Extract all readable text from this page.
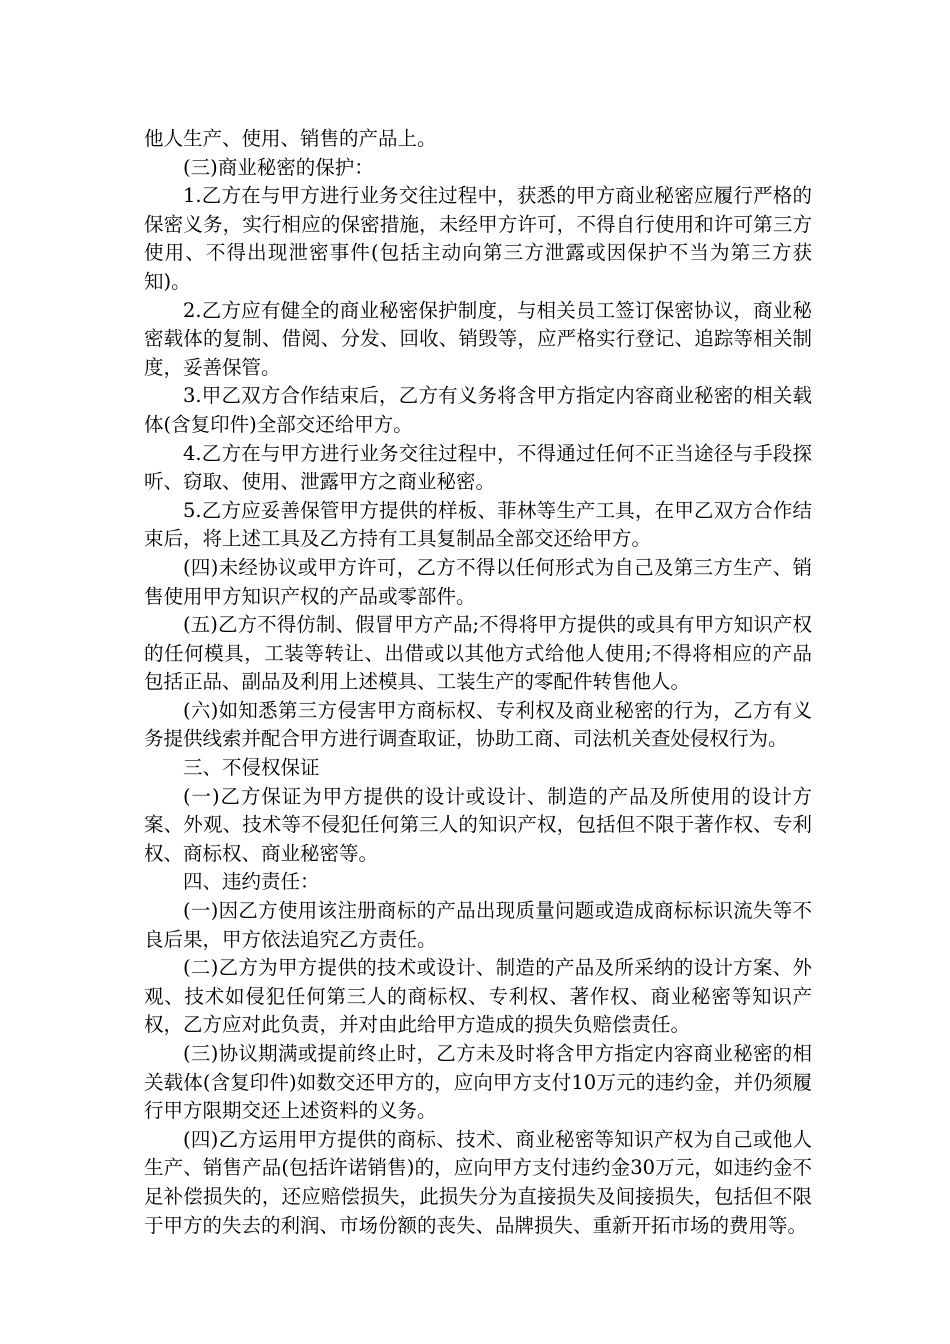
他人生产、使用、销售的产品上。

(三)商业秘密的保护：

1.乙方在与甲方进行业务交往过程中，获悉的甲方商业秘密应履行严格的保密义务，实行相应的保密措施，未经甲方许可，不得自行使用和许可第三方使用、不得出现泄密事件(包括主动向第三方泄露或因保护不当为第三方获知)。

2.乙方应有健全的商业秘密保护制度，与相关员工签订保密协议，商业秘密载体的复制、借阅、分发、回收、销毁等，应严格实行登记、追踪等相关制度，妥善保管。

3.甲乙双方合作结束后，乙方有义务将含甲方指定内容商业秘密的相关载体(含复印件)全部交还给甲方。

4.乙方在与甲方进行业务交往过程中，不得通过任何不正当途径与手段探听、窃取、使用、泄露甲方之商业秘密。

5.乙方应妥善保管甲方提供的样板、菲林等生产工具，在甲乙双方合作结束后，将上述工具及乙方持有工具复制品全部交还给甲方。

(四)未经协议或甲方许可，乙方不得以任何形式为自己及第三方生产、销售使用甲方知识产权的产品或零部件。

(五)乙方不得仿制、假冒甲方产品;不得将甲方提供的或具有甲方知识产权的任何模具，工装等转让、出借或以其他方式给他人使用;不得将相应的产品包括正品、副品及利用上述模具、工装生产的零配件转售他人。

(六)如知悉第三方侵害甲方商标权、专利权及商业秘密的行为，乙方有义务提供线索并配合甲方进行调查取证，协助工商、司法机关查处侵权行为。

三、不侵权保证

(一)乙方保证为甲方提供的设计或设计、制造的产品及所使用的设计方案、外观、技术等不侵犯任何第三人的知识产权，包括但不限于著作权、专利权、商标权、商业秘密等。

四、违约责任：

(一)因乙方使用该注册商标的产品出现质量问题或造成商标标识流失等不良后果，甲方依法追究乙方责任。

(二)乙方为甲方提供的技术或设计、制造的产品及所采纳的设计方案、外观、技术如侵犯任何第三人的商标权、专利权、著作权、商业秘密等知识产权，乙方应对此负责，并对由此给甲方造成的损失负赔偿责任。

(三)协议期满或提前终止时，乙方未及时将含甲方指定内容商业秘密的相关载体(含复印件)如数交还甲方的，应向甲方支付10万元的违约金，并仍须履行甲方限期交还上述资料的义务。

(四)乙方运用甲方提供的商标、技术、商业秘密等知识产权为自己或他人生产、销售产品(包括许诺销售)的，应向甲方支付违约金30万元，如违约金不足补偿损失的，还应赔偿损失，此损失分为直接损失及间接损失，包括但不限于甲方的失去的利润、市场份额的丧失、品牌损失、重新开拓市场的费用等。
